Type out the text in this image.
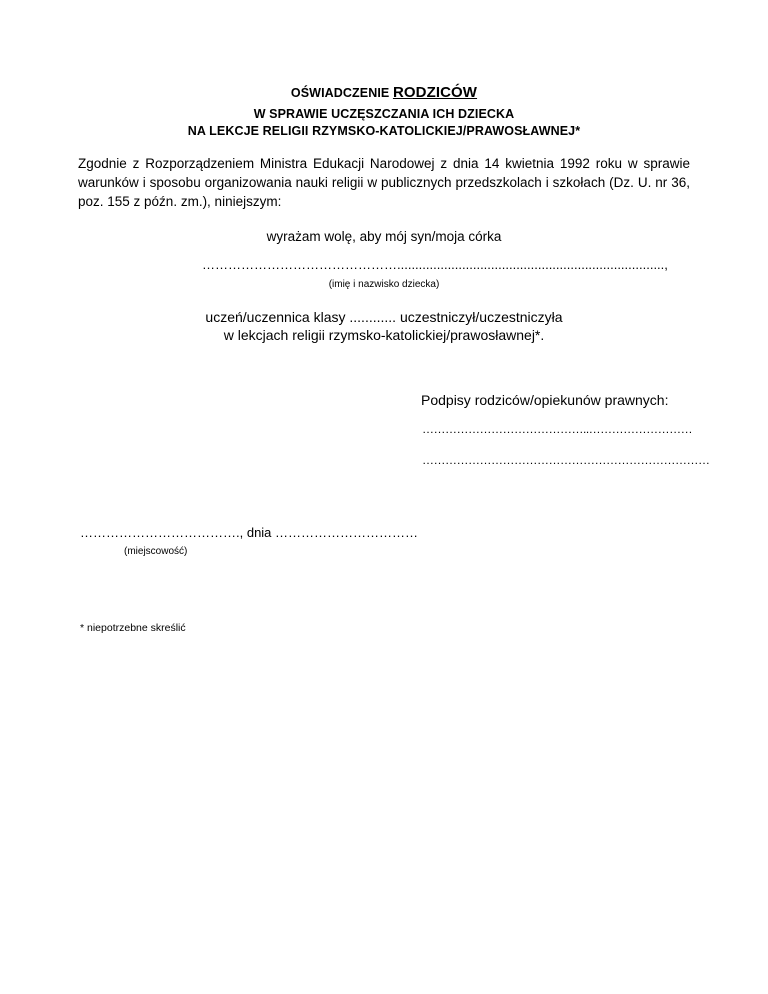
OŚWIADCZENIE RODZICÓW
W SPRAWIE UCZĘSZCZANIA ICH DZIECKA
NA LEKCJE RELIGII RZYMSKO-KATOLICKIEJ/PRAWOSŁAWNEJ*

Zgodnie z Rozporządzeniem Ministra Edukacji Narodowej z dnia 14 kwietnia 1992 roku w sprawie warunków i sposobu organizowania nauki religii w publicznych przedszkolach i szkołach (Dz. U. nr 36, poz. 155 z późn. zm.), niniejszym:

wyrażam wolę, aby mój syn/moja córka
………………………………………..........................................................................,
(imię i nazwisko dziecka)
uczeń/uczennica klasy ............ uczestniczył/uczestniczyła
w lekcjach religii rzymsko-katolickiej/prawosławnej*.
Podpisy rodziców/opiekunów prawnych:
……………………………………..………………………
…………………………………………………………………
………………………………., dnia ……………………………
(miejscowość)
* niepotrzebne skreślić
